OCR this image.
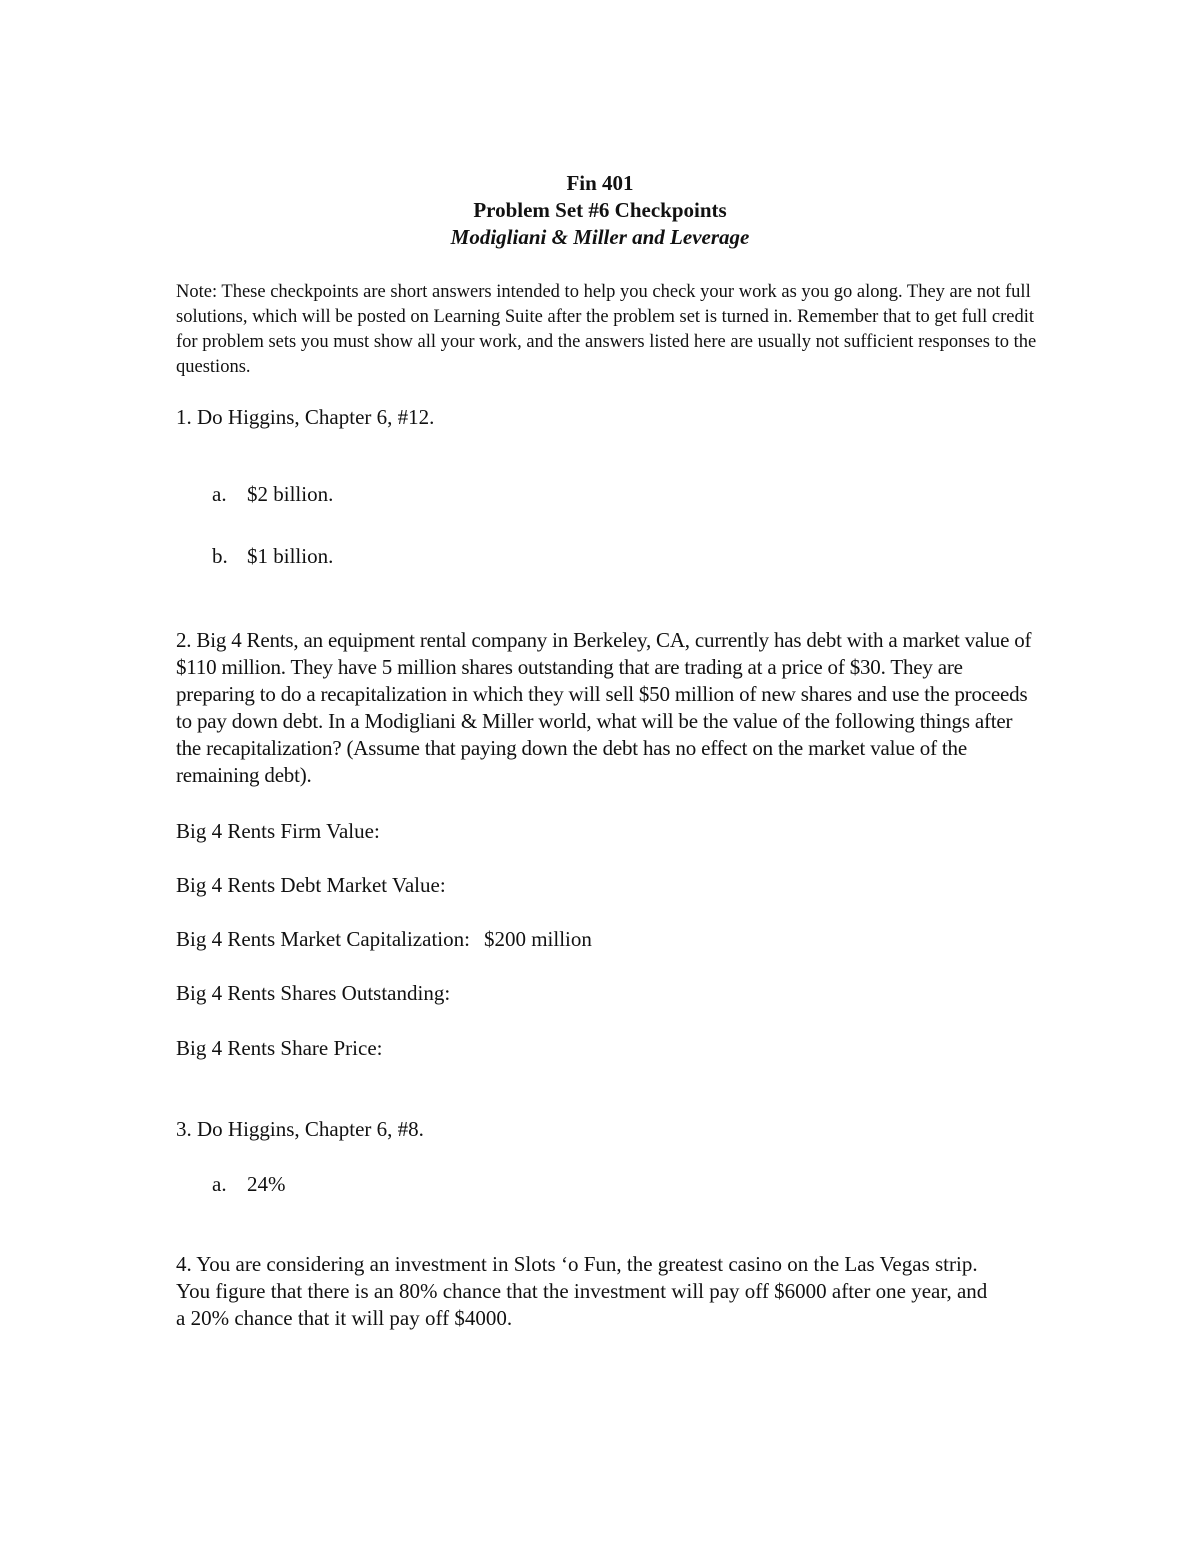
Fin 401
Problem Set #6 Checkpoints
Modigliani & Miller and Leverage
Note: These checkpoints are short answers intended to help you check your work as you go along. They are not full solutions, which will be posted on Learning Suite after the problem set is turned in. Remember that to get full credit for problem sets you must show all your work, and the answers listed here are usually not sufficient responses to the questions.
1. Do Higgins, Chapter 6, #12.
a. $2 billion.
b. $1 billion.
2. Big 4 Rents, an equipment rental company in Berkeley, CA, currently has debt with a market value of $110 million. They have 5 million shares outstanding that are trading at a price of $30. They are preparing to do a recapitalization in which they will sell $50 million of new shares and use the proceeds to pay down debt. In a Modigliani & Miller world, what will be the value of the following things after the recapitalization? (Assume that paying down the debt has no effect on the market value of the remaining debt).
Big 4 Rents Firm Value:
Big 4 Rents Debt Market Value:
Big 4 Rents Market Capitalization: $200 million
Big 4 Rents Shares Outstanding:
Big 4 Rents Share Price:
3. Do Higgins, Chapter 6, #8.
a. 24%
4. You are considering an investment in Slots ‘o Fun, the greatest casino on the Las Vegas strip. You figure that there is an 80% chance that the investment will pay off $6000 after one year, and a 20% chance that it will pay off $4000.
